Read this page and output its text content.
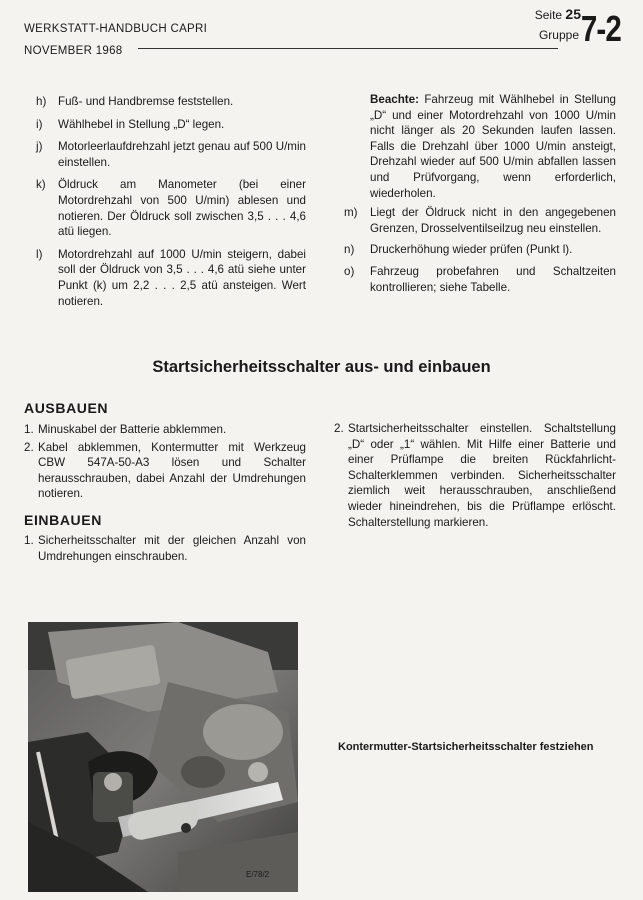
WERKSTATT-HANDBUCH CAPRI
NOVEMBER 1968
Seite 25
Gruppe 7-2
h)	Fuß- und Handbremse feststellen.
i)	Wählhebel in Stellung „D“ legen.
j)	Motorleerlaufdrehzahl jetzt genau auf 500 U/min einstellen.
k)	Öldruck am Manometer (bei einer Motordrehzahl von 500 U/min) ablesen und notieren. Der Öldruck soll zwischen 3,5 . . . 4,6 atü liegen.
l)	Motordrehzahl auf 1000 U/min steigern, dabei soll der Öldruck von 3,5 . . . 4,6 atü siehe unter Punkt (k) um 2,2 . . . 2,5 atü ansteigen. Wert notieren.
Beachte: Fahrzeug mit Wählhebel in Stellung „D“ und einer Motordrehzahl von 1000 U/min nicht länger als 20 Sekunden laufen lassen. Falls die Drehzahl über 1000 U/min ansteigt, Drehzahl wieder auf 500 U/min abfallen lassen und Prüfvorgang, wenn erforderlich, wiederholen.
m)	Liegt der Öldruck nicht in den angegebenen Grenzen, Drosselventilseilzug neu einstellen.
n)	Druckerhöhung wieder prüfen (Punkt l).
o)	Fahrzeug probefahren und Schaltzeiten kontrollieren; siehe Tabelle.
Startsicherheitsschalter aus- und einbauen
AUSBAUEN
1. Minuskabel der Batterie abklemmen.
2. Kabel abklemmen, Kontermutter mit Werkzeug CBW 547A-50-A3 lösen und Schalter herausschrauben, dabei Anzahl der Umdrehungen notieren.
EINBAUEN
1. Sicherheitsschalter mit der gleichen Anzahl von Umdrehungen einschrauben.
2. Startsicherheitsschalter einstellen. Schaltstellung „D“ oder „1“ wählen. Mit Hilfe einer Batterie und einer Prüflampe die breiten Rückfahrlicht-Schalterklemmen verbinden. Sicherheitsschalter ziemlich weit herausschrauben, anschließend wieder hineindrehen, bis die Prüflampe erlöscht. Schalterstellung markieren.
E/78/2
Kontermutter-Startsicherheitsschalter festziehen
